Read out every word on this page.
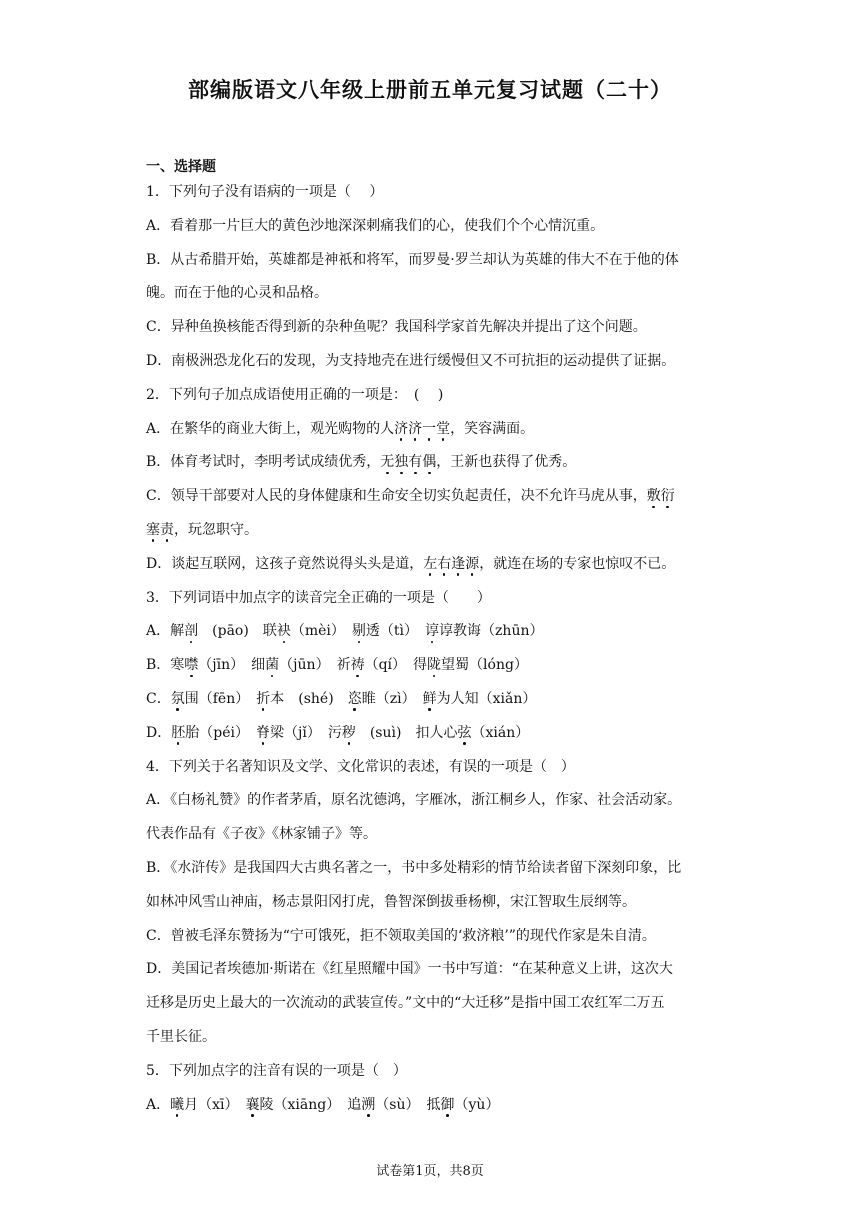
部编版语文八年级上册前五单元复习试题（二十）
一、选择题
1．下列句子没有语病的一项是（　 ）
A．看着那一片巨大的黄色沙地深深刺痛我们的心，使我们个个心情沉重。
B．从古希腊开始，英雄都是神祇和将军，而罗曼·罗兰却认为英雄的伟大不在于他的体
魄。而在于他的心灵和品格。
C．异种鱼换核能否得到新的杂种鱼呢？我国科学家首先解决并提出了这个问题。
D．南极洲恐龙化石的发现，为支持地壳在进行缓慢但又不可抗拒的运动提供了证据。
2．下列句子加点成语使用正确的一项是：　(　 )
A．在繁华的商业大街上，观光购物的人济济一堂，笑容满面。
B．体育考试时，李明考试成绩优秀，无独有偶，王新也获得了优秀。
C．领导干部要对人民的身体健康和生命安全切实负起责任，决不允许马虎从事，敷衍
塞责，玩忽职守。
D．谈起互联网，这孩子竟然说得头头是道，左右逢源，就连在场的专家也惊叹不已。
3．下列词语中加点字的读音完全正确的一项是（　　）
A．解剖　 (pāo)　 联袂（mèi）　 剔透（tì）　 谆谆教诲（zhūn）
B．寒噤（jīn）　 细菌（jūn）　 祈祷（qí）　 得陇望蜀（lóng）
C．氛围（fēn）　 折本　 (shé)　 恣睢（zì）　 鲜为人知（xiǎn）
D．胚胎（péi）　 脊梁（jǐ）　 污秽　 (suì)　 扣人心弦（xián）
4．下列关于名著知识及文学、文化常识的表述，有误的一项是（　）
A．《白杨礼赞》的作者茅盾，原名沈德鸿，字雁冰，浙江桐乡人，作家、社会活动家。
代表作品有《子夜》《林家铺子》等。
B．《水浒传》是我国四大古典名著之一，书中多处精彩的情节给读者留下深刻印象，比
如林冲风雪山神庙，杨志景阳冈打虎，鲁智深倒拔垂杨柳，宋江智取生辰纲等。
C．曾被毛泽东赞扬为“宁可饿死，拒不领取美国的‘救济粮’”的现代作家是朱自清。
D．美国记者埃德加·斯诺在《红星照耀中国》一书中写道：“在某种意义上讲，这次大
迁移是历史上最大的一次流动的武装宣传。”文中的“大迁移”是指中国工农红军二万五
千里长征。
5．下列加点字的注音有误的一项是（　）
A．曦月（xī）　 襄陵（xiāng）　 追溯（sù）　 抵御（yù）
试卷第1页，共8页
